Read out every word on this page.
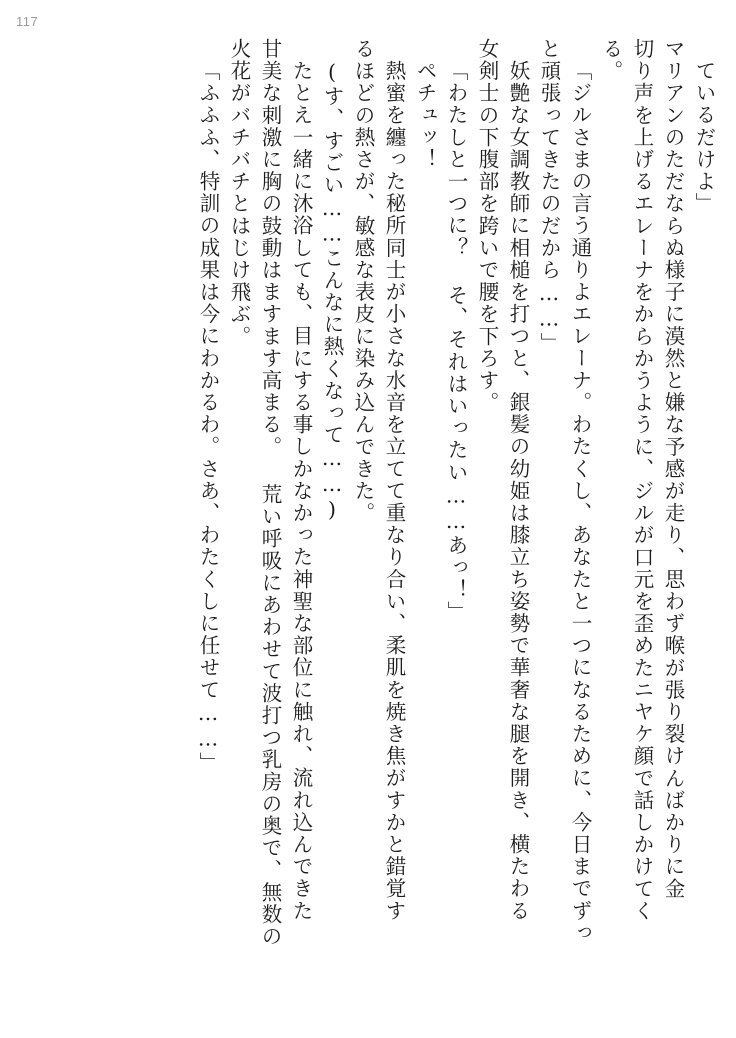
117
ているだけよ」
マリアンのただならぬ様子に漠然と嫌な予感が走り、思わず喉が張り裂けんばかりに金
切り声を上げるエレーナをからかうように、ジルが口元を歪めたニヤケ顔で話しかけてく
る。
「ジルさまの言う通りよエレーナ。わたくし、あなたと一つになるために、今日までずっ
と頑張ってきたのだから……」
妖艶な女調教師に相槌を打つと、銀髪の幼姫は膝立ち姿勢で華奢な腿を開き、横たわる
女剣士の下腹部を跨いで腰を下ろす。
「わたしと一つに？ そ、それはいったい……あっ！」
ペチュッ！
熱蜜を纏った秘所同士が小さな水音を立てて重なり合い、柔肌を焼き焦がすかと錯覚す
るほどの熱さが、敏感な表皮に染み込んできた。
(す、すごい……こんなに熱くなって……)
たとえ一緒に沐浴しても、目にする事しかなかった神聖な部位に触れ、流れ込んできた
甘美な刺激に胸の鼓動はますます高まる。 荒い呼吸にあわせて波打つ乳房の奥で、無数の
火花がバチバチとはじけ飛ぶ。
「ふふふ、特訓の成果は今にわかるわ。さあ、わたくしに任せて……」
